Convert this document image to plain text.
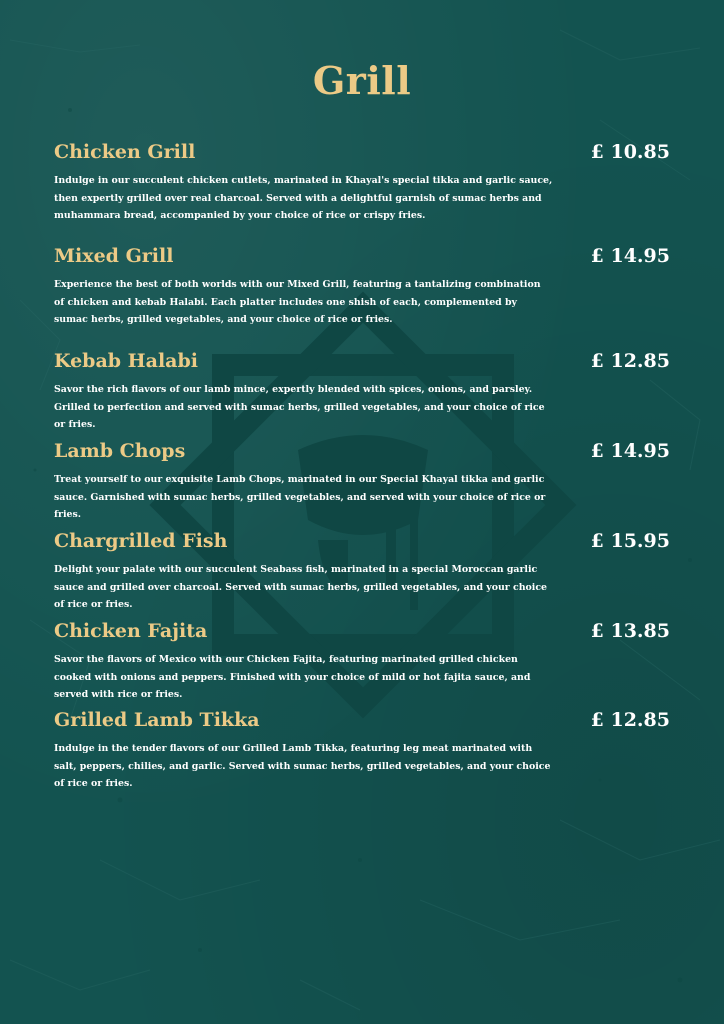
Grill
Chicken Grill	£ 10.85
Indulge in our succulent chicken cutlets, marinated in Khayal's special tikka and garlic sauce, then expertly grilled over real charcoal. Served with a delightful garnish of sumac herbs and muhammara bread, accompanied by your choice of rice or crispy fries.
Mixed Grill	£ 14.95
Experience the best of both worlds with our Mixed Grill, featuring a tantalizing combination of chicken and kebab Halabi. Each platter includes one shish of each, complemented by sumac herbs, grilled vegetables, and your choice of rice or fries.
Kebab Halabi	£ 12.85
Savor the rich flavors of our lamb mince, expertly blended with spices, onions, and parsley. Grilled to perfection and served with sumac herbs, grilled vegetables, and your choice of rice or fries.
Lamb Chops	£ 14.95
Treat yourself to our exquisite Lamb Chops, marinated in our Special Khayal tikka and garlic sauce. Garnished with sumac herbs, grilled vegetables, and served with your choice of rice or fries.
Chargrilled Fish	£ 15.95
Delight your palate with our succulent Seabass fish, marinated in a special Moroccan garlic sauce and grilled over charcoal. Served with sumac herbs, grilled vegetables, and your choice of rice or fries.
Chicken Fajita	£ 13.85
Savor the flavors of Mexico with our Chicken Fajita, featuring marinated grilled chicken cooked with onions and peppers. Finished with your choice of mild or hot fajita sauce, and served with rice or fries.
Grilled Lamb Tikka	£ 12.85
Indulge in the tender flavors of our Grilled Lamb Tikka, featuring leg meat marinated with salt, peppers, chilies, and garlic. Served with sumac herbs, grilled vegetables, and your choice of rice or fries.
